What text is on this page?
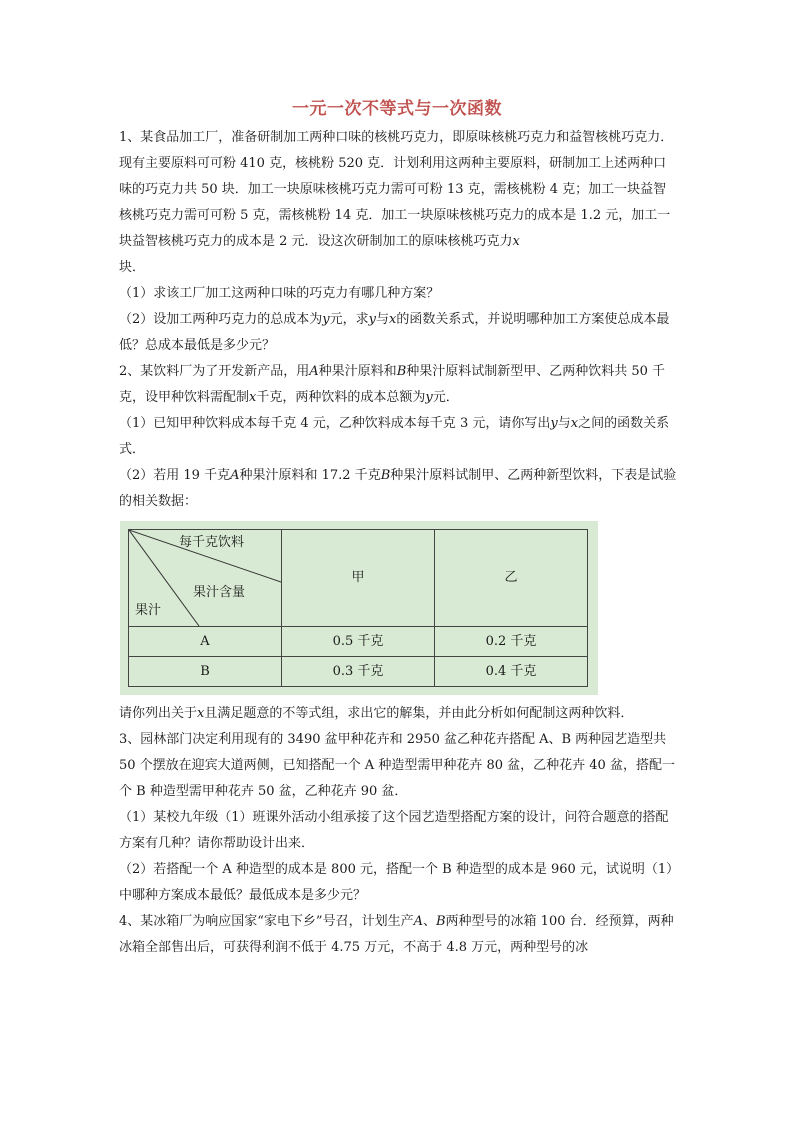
一元一次不等式与一次函数

1、某食品加工厂，准备研制加工两种口味的核桃巧克力，即原味核桃巧克力和益智核桃巧克力．现有主要原料可可粉 410 克，核桃粉 520 克．计划利用这两种主要原料，研制加工上述两种口味的巧克力共 50 块．加工一块原味核桃巧克力需可可粉 13 克，需核桃粉 4 克；加工一块益智核桃巧克力需可可粉 5 克，需核桃粉 14 克．加工一块原味核桃巧克力的成本是 1.2 元，加工一块益智核桃巧克力的成本是 2 元．设这次研制加工的原味核桃巧克力x
块．

（1）求该工厂加工这两种口味的巧克力有哪几种方案？

（2）设加工两种巧克力的总成本为y元，求y与x的函数关系式，并说明哪种加工方案使总成本最低？总成本最低是多少元？

2、某饮料厂为了开发新产品，用A种果汁原料和B种果汁原料试制新型甲、乙两种饮料共 50 千克，设甲种饮料需配制x千克，两种饮料的成本总额为y元．

（1）已知甲种饮料成本每千克 4 元，乙种饮料成本每千克 3 元，请你写出y与x之间的函数关系式．

（2）若用 19 千克A种果汁原料和 17.2 千克B种果汁原料试制甲、乙两种新型饮料，下表是试验的相关数据：

每千克饮料
果汁含量
果汁	甲	乙
A	0.5 千克	0.2 千克
B	0.3 千克	0.4 千克

请你列出关于x且满足题意的不等式组，求出它的解集，并由此分析如何配制这两种饮料．

3、园林部门决定利用现有的 3490 盆甲种花卉和 2950 盆乙种花卉搭配 A、B 两种园艺造型共 50 个摆放在迎宾大道两侧，已知搭配一个 A 种造型需甲种花卉 80 盆，乙种花卉 40 盆，搭配一个 B 种造型需甲种花卉 50 盆，乙种花卉 90 盆．

（1）某校九年级（1）班课外活动小组承接了这个园艺造型搭配方案的设计，问符合题意的搭配方案有几种？请你帮助设计出来．

（2）若搭配一个 A 种造型的成本是 800 元，搭配一个 B 种造型的成本是 960 元，试说明（1）中哪种方案成本最低？最低成本是多少元？

4、某冰箱厂为响应国家“家电下乡”号召，计划生产A、B两种型号的冰箱 100 台．经预算，两种冰箱全部售出后，可获得利润不低于 4.75 万元，不高于 4.8 万元，两种型号的冰
